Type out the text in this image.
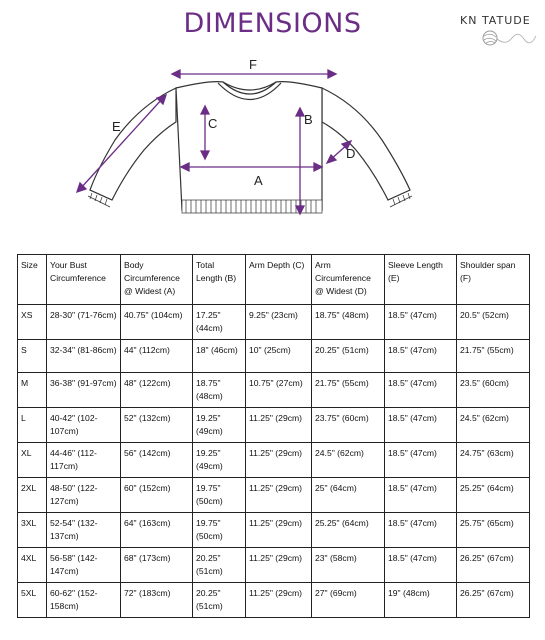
DIMENSIONS	KN TATUDE
F
C	B
A
D
E
Size	Your Bust Circumference	Body Circumference @ Widest (A)	Total Length (B)	Arm Depth (C)	Arm Circumference @ Widest (D)	Sleeve Length (E)	Shoulder span (F)
XS	28-30" (71-76cm)	40.75" (104cm)	17.25" (44cm)	9.25" (23cm)	18.75" (48cm)	18.5" (47cm)	20.5" (52cm)
S	32-34" (81-86cm)	44" (112cm)	18" (46cm)	10" (25cm)	20.25" (51cm)	18.5" (47cm)	21.75" (55cm)
M	36-38" (91-97cm)	48" (122cm)	18.75" (48cm)	10.75" (27cm)	21.75" (55cm)	18.5" (47cm)	23.5" (60cm)
L	40-42" (102-107cm)	52" (132cm)	19.25" (49cm)	11.25" (29cm)	23.75" (60cm)	18.5" (47cm)	24.5" (62cm)
XL	44-46" (112-117cm)	56" (142cm)	19.25" (49cm)	11.25" (29cm)	24.5" (62cm)	18.5" (47cm)	24.75" (63cm)
2XL	48-50" (122-127cm)	60" (152cm)	19.75" (50cm)	11.25" (29cm)	25" (64cm)	18.5" (47cm)	25.25" (64cm)
3XL	52-54" (132-137cm)	64" (163cm)	19.75" (50cm)	11.25" (29cm)	25.25" (64cm)	18.5" (47cm)	25.75" (65cm)
4XL	56-58" (142-147cm)	68" (173cm)	20.25" (51cm)	11.25" (29cm)	23" (58cm)	18.5" (47cm)	26.25" (67cm)
5XL	60-62" (152-158cm)	72" (183cm)	20.25" (51cm)	11.25" (29cm)	27" (69cm)	19" (48cm)	26.25" (67cm)
